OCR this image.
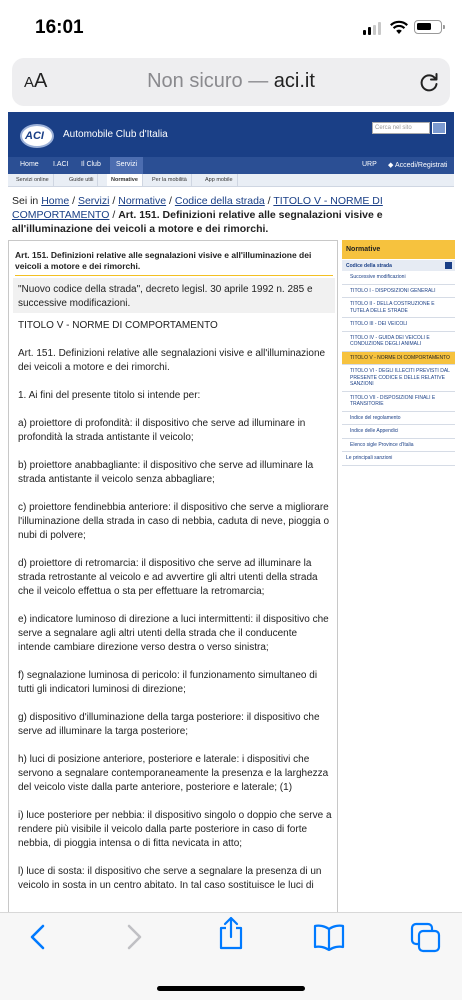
16:01
AA	Non sicuro — aci.it
ACI Automobile Club d'Italia
Cerca nel sito
Home I.ACI Il Club	Servizi	URP ◆ Accedi/Registrati
Servizi online	Guide utili	Normative	Per la mobilità	App mobile
Sei in Home / Servizi / Normative / Codice della strada / TITOLO V - NORME DI COMPORTAMENTO / Art. 151. Definizioni relative alle segnalazioni visive e all'illuminazione dei veicoli a motore e dei rimorchi.
Art. 151. Definizioni relative alle segnalazioni visive e all'illuminazione dei veicoli a motore e dei rimorchi.
"Nuovo codice della strada", decreto legisl. 30 aprile 1992 n. 285 e successive modificazioni.

TITOLO V - NORME DI COMPORTAMENTO

Art. 151. Definizioni relative alle segnalazioni visive e all'illuminazione dei veicoli a motore e dei rimorchi.

1. Ai fini del presente titolo si intende per:

a) proiettore di profondità: il dispositivo che serve ad illuminare in profondità la strada antistante il veicolo;

b) proiettore anabbagliante: il dispositivo che serve ad illuminare la strada antistante il veicolo senza abbagliare;

c) proiettore fendinebbia anteriore: il dispositivo che serve a migliorare l'illuminazione della strada in caso di nebbia, caduta di neve, pioggia o nubi di polvere;

d) proiettore di retromarcia: il dispositivo che serve ad illuminare la strada retrostante al veicolo e ad avvertire gli altri utenti della strada che il veicolo effettua o sta per effettuare la retromarcia;

e) indicatore luminoso di direzione a luci intermittenti: il dispositivo che serve a segnalare agli altri utenti della strada che il conducente intende cambiare direzione verso destra o verso sinistra;

f) segnalazione luminosa di pericolo: il funzionamento simultaneo di tutti gli indicatori luminosi di direzione;

g) dispositivo d'illuminazione della targa posteriore: il dispositivo che serve ad illuminare la targa posteriore;

h) luci di posizione anteriore, posteriore e laterale: i dispositivi che servono a segnalare contemporaneamente la presenza e la larghezza del veicolo viste dalla parte anteriore, posteriore e laterale; (1)

i) luce posteriore per nebbia: il dispositivo singolo o doppio che serve a rendere più visibile il veicolo dalla parte posteriore in caso di forte nebbia, di pioggia intensa o di fitta nevicata in atto;

l) luce di sosta: il dispositivo che serve a segnalare la presenza di un veicolo in sosta in un centro abitato. In tal caso sostituisce le luci di

Normative
Codice della strada
Successive modificazioni
TITOLO I - DISPOSIZIONI GENERALI
TITOLO II - DELLA COSTRUZIONE E TUTELA DELLE STRADE
TITOLO III - DEI VEICOLI
TITOLO IV - GUIDA DEI VEICOLI E CONDUZIONE DEGLI ANIMALI
TITOLO V - NORME DI COMPORTAMENTO
TITOLO VI - DEGLI ILLECITI PREVISTI DAL PRESENTE CODICE E DELLE RELATIVE SANZIONI
TITOLO VII - DISPOSIZIONI FINALI E TRANSITORIE
Indice del regolamento
Indice delle Appendici
Elenco sigle Province d'Italia
Le principali sanzioni
